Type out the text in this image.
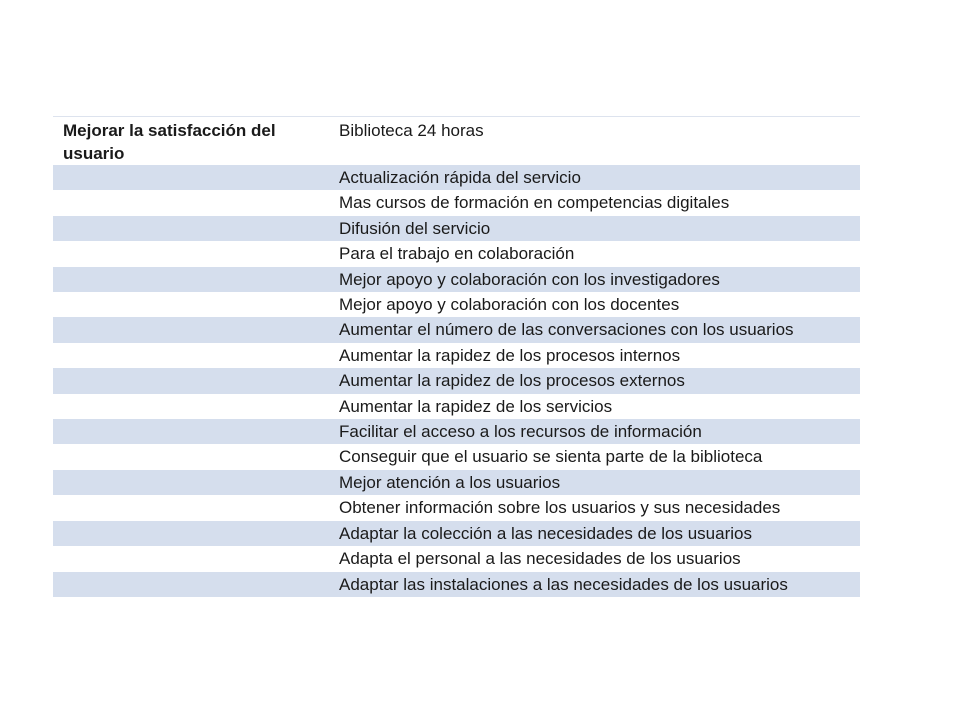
Mejorar la satisfacción del usuario	Biblioteca 24 horas
	Actualización rápida del servicio
	Mas cursos de formación en competencias digitales
	Difusión del servicio
	Para el trabajo en colaboración
	Mejor apoyo y colaboración con los investigadores
	Mejor apoyo y colaboración con los docentes
	Aumentar el número de las conversaciones con los usuarios
	Aumentar la rapidez de los procesos internos
	Aumentar la rapidez de los procesos externos
	Aumentar la rapidez de los servicios
	Facilitar el acceso a los recursos de información
	Conseguir que el usuario se sienta parte de la biblioteca
	Mejor atención a los usuarios
	Obtener información sobre los usuarios y sus necesidades
	Adaptar la colección a las necesidades de los usuarios
	Adapta el personal a las necesidades de los usuarios
	Adaptar las instalaciones a las necesidades de los usuarios
